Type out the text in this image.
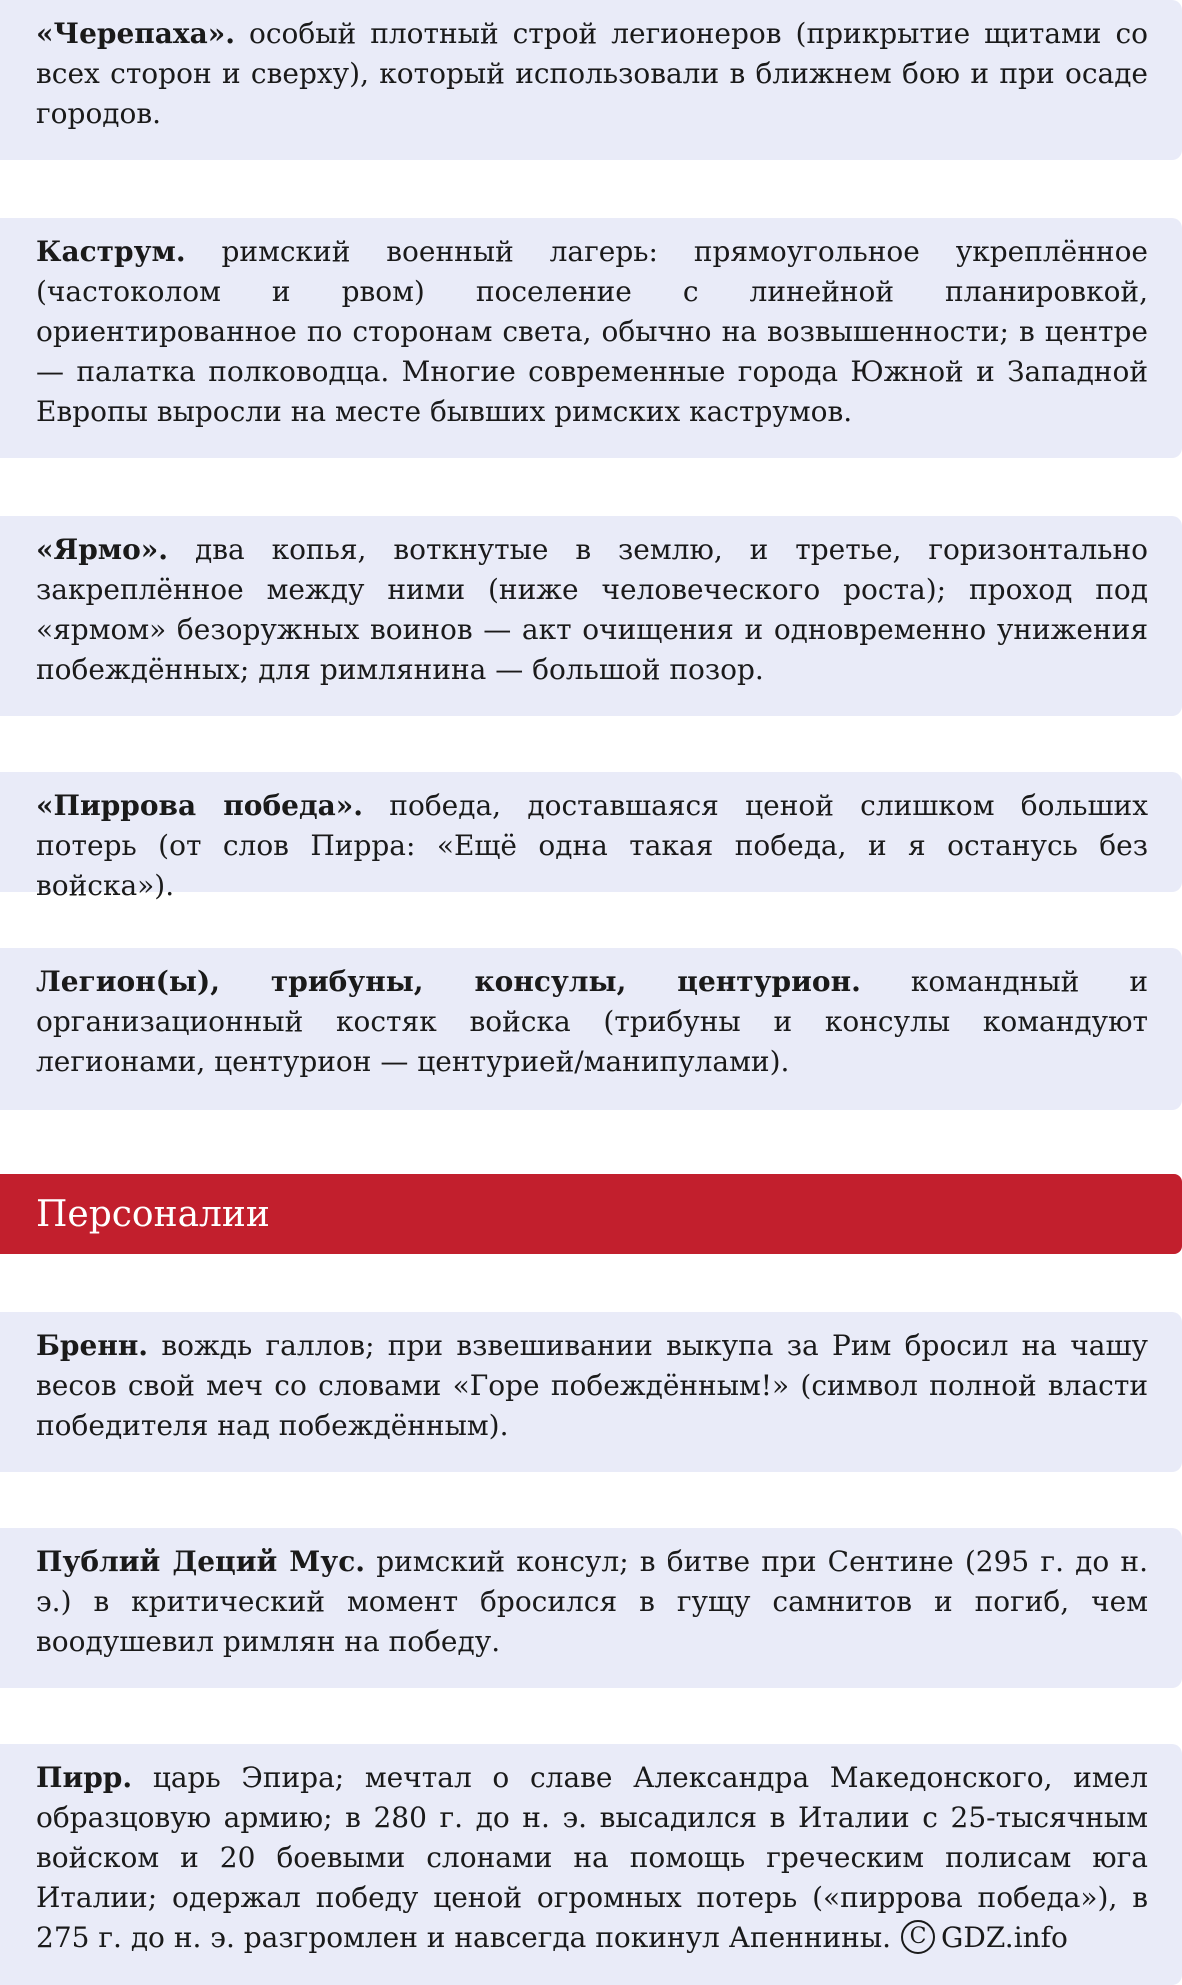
«Черепаха». особый плотный строй легионеров (прикрытие щитами со всех сторон и сверху), который использовали в ближнем бою и при осаде городов.

Каструм. римский военный лагерь: прямоугольное укреплённое (частоколом и рвом) поселение с линейной планировкой, ориентированное по сторонам света, обычно на возвышенности; в центре — палатка полководца. Многие современные города Южной и Западной Европы выросли на месте бывших римских каструмов.

«Ярмо». два копья, воткнутые в землю, и третье, горизонтально закреплённое между ними (ниже человеческого роста); проход под «ярмом» безоружных воинов — акт очищения и одновременно унижения побеждённых; для римлянина — большой позор.

«Пиррова победа». победа, доставшаяся ценой слишком больших потерь (от слов Пирра: «Ещё одна такая победа, и я останусь без войска»).

Легион(ы), трибуны, консулы, центурион. командный и организационный костяк войска (трибуны и консулы командуют легионами, центурион — центурией/манипулами).

Персоналии

Бренн. вождь галлов; при взвешивании выкупа за Рим бросил на чашу весов свой меч со словами «Горе побеждённым!» (символ полной власти победителя над побеждённым).

Публий Деций Мус. римский консул; в битве при Сентине (295 г. до н. э.) в критический момент бросился в гущу самнитов и погиб, чем воодушевил римлян на победу.

Пирр. царь Эпира; мечтал о славе Александра Македонского, имел образцовую армию; в 280 г. до н. э. высадился в Италии с 25-тысячным войском и 20 боевыми слонами на помощь греческим полисам юга Италии; одержал победу ценой огромных потерь («пиррова победа»), в 275 г. до н. э. разгромлен и навсегда покинул Апеннины. C GDZ.info
